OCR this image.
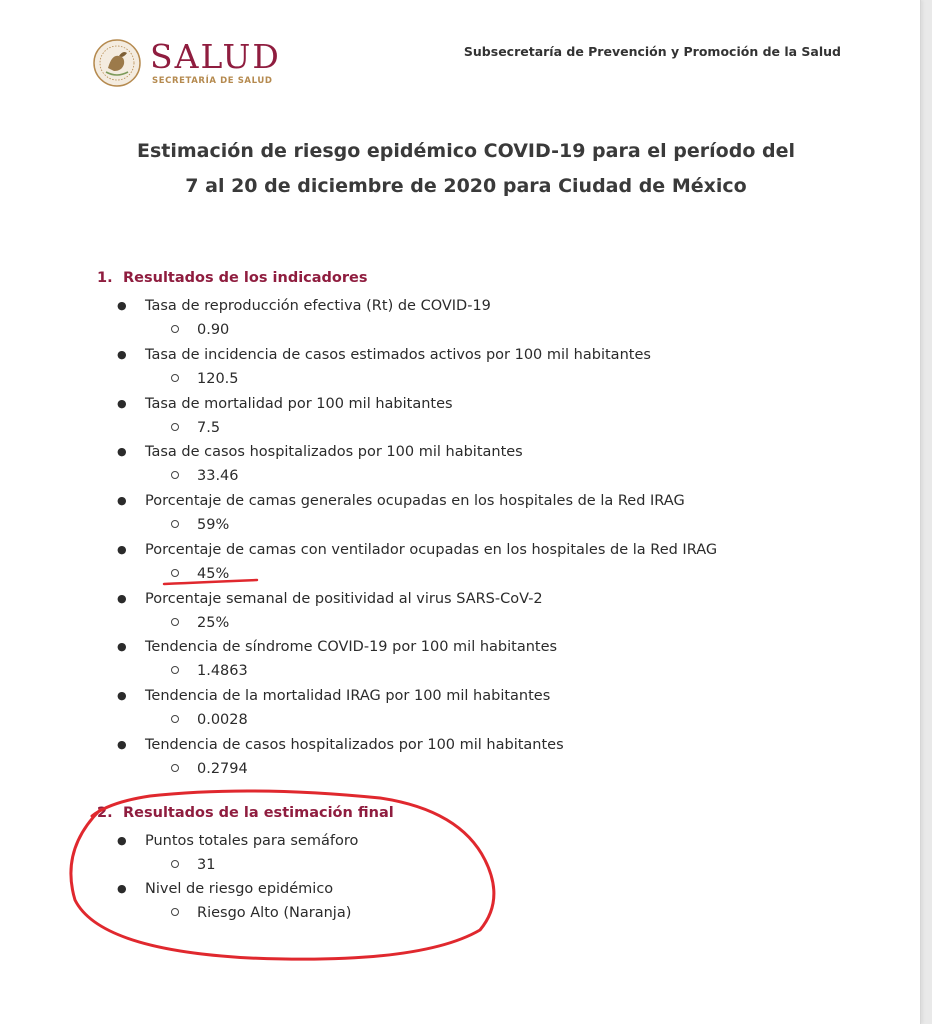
SALUD
SECRETARÍA DE SALUD
Subsecretaría de Prevención y Promoción de la Salud
Estimación de riesgo epidémico COVID-19 para el período del
7 al 20 de diciembre de 2020 para Ciudad de México
1. Resultados de los indicadores
● Tasa de reproducción efectiva (Rt) de COVID-19
0.90
● Tasa de incidencia de casos estimados activos por 100 mil habitantes
120.5
● Tasa de mortalidad por 100 mil habitantes
7.5
● Tasa de casos hospitalizados por 100 mil habitantes
33.46
● Porcentaje de camas generales ocupadas en los hospitales de la Red IRAG
59%
● Porcentaje de camas con ventilador ocupadas en los hospitales de la Red IRAG
45%
● Porcentaje semanal de positividad al virus SARS-CoV-2
25%
● Tendencia de síndrome COVID-19 por 100 mil habitantes
1.4863
● Tendencia de la mortalidad IRAG por 100 mil habitantes
0.0028
● Tendencia de casos hospitalizados por 100 mil habitantes
0.2794
2. Resultados de la estimación final
● Puntos totales para semáforo
31
● Nivel de riesgo epidémico
Riesgo Alto (Naranja)
